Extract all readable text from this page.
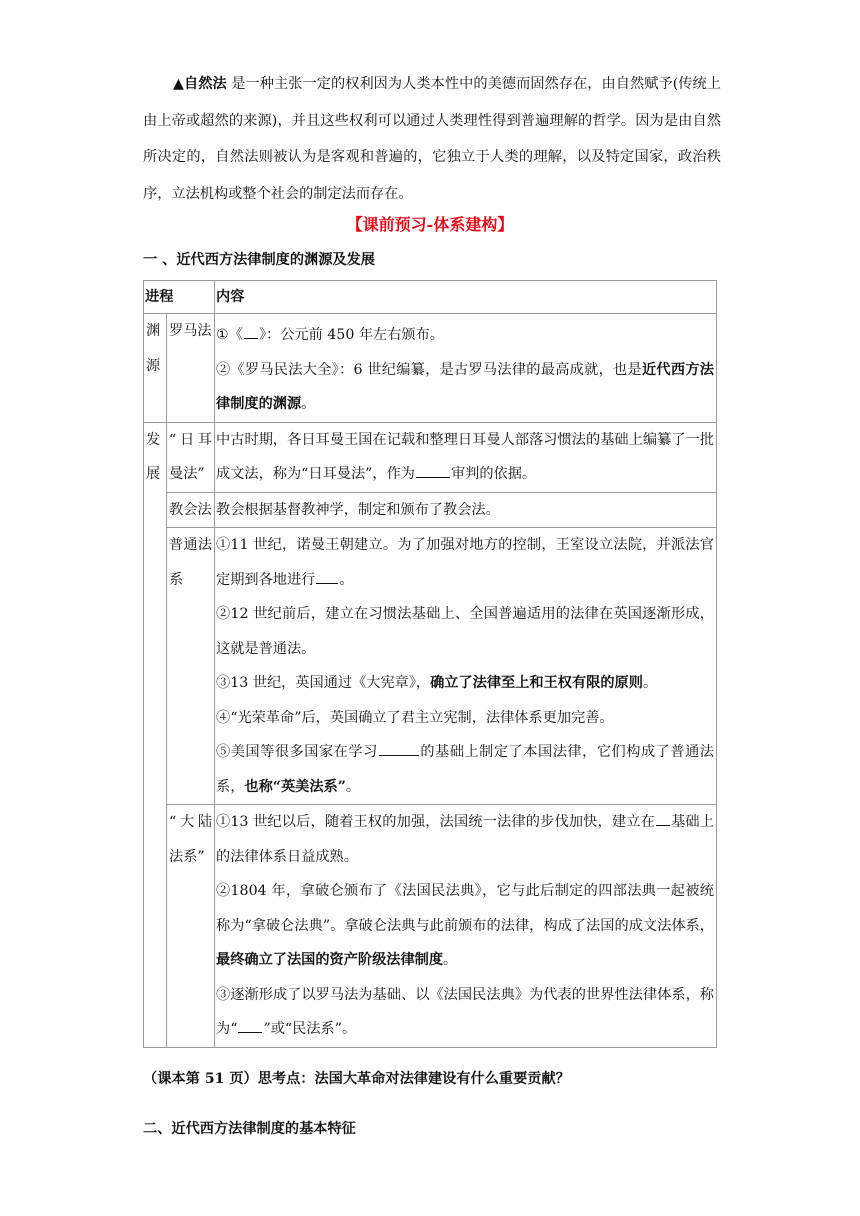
▲自然法 是一种主张一定的权利因为人类本性中的美德而固然存在，由自然赋予(传统上由上帝或超然的来源)，并且这些权利可以通过人类理性得到普遍理解的哲学。因为是由自然所决定的，自然法则被认为是客观和普遍的，它独立于人类的理解，以及特定国家，政治秩序，立法机构或整个社会的制定法而存在。
【课前预习-体系建构】
一 、近代西方法律制度的渊源及发展
进程		内容
渊源	罗马法	①《 》：公元前 450 年左右颁布。

②《罗马民法大全》：6 世纪编纂，是古罗马法律的最高成就，也是近代西方法律制度的渊源。

发展	“日耳曼法”	中古时期，各日耳曼王国在记载和整理日耳曼人部落习惯法的基础上编纂了一批成文法，称为“日耳曼法”，作为 审判的依据。
	教会法	教会根据基督教神学，制定和颁布了教会法。
	普通法系	①11 世纪，诺曼王朝建立。为了加强对地方的控制，王室设立法院，并派法官定期到各地进行 。

②12 世纪前后，建立在习惯法基础上、全国普遍适用的法律在英国逐渐形成，这就是普通法。

③13 世纪，英国通过《大宪章》，确立了法律至上和王权有限的原则。

④“光荣革命”后，英国确立了君主立宪制，法律体系更加完善。

⑤美国等很多国家在学习 的基础上制定了本国法律，它们构成了普通法系，也称“英美法系”。

	“大陆法系”	①13 世纪以后，随着王权的加强，法国统一法律的步伐加快，建立在 基础上的法律体系日益成熟。

②1804 年，拿破仑颁布了《法国民法典》，它与此后制定的四部法典一起被统称为“拿破仑法典”。拿破仑法典与此前颁布的法律，构成了法国的成文法体系，最终确立了法国的资产阶级法律制度。

③逐渐形成了以罗马法为基础、以《法国民法典》为代表的世界性法律体系，称为“ ”或“民法系”。

（课本第 51 页）思考点：法国大革命对法律建设有什么重要贡献？
二、近代西方法律制度的基本特征
